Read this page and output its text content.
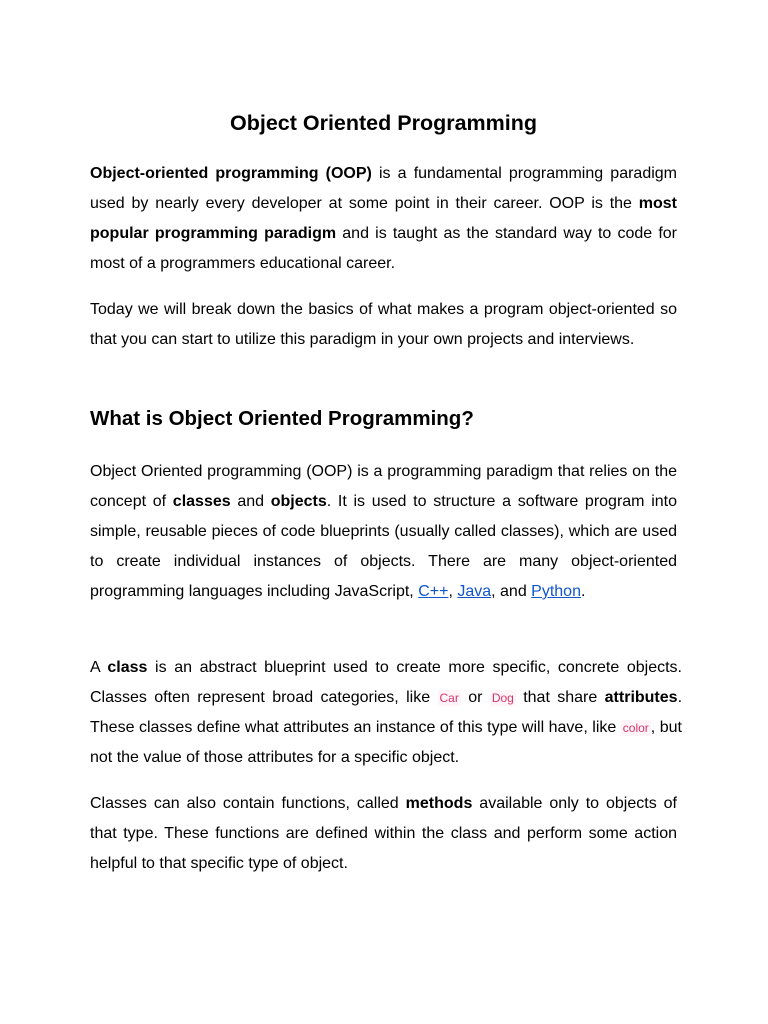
Object Oriented Programming

Object-oriented programming (OOP) is a fundamental programming paradigm used by nearly every developer at some point in their career. OOP is the most popular programming paradigm and is taught as the standard way to code for most of a programmers educational career.

Today we will break down the basics of what makes a program object-oriented so that you can start to utilize this paradigm in your own projects and interviews.

What is Object Oriented Programming?

Object Oriented programming (OOP) is a programming paradigm that relies on the concept of classes and objects. It is used to structure a software program into simple, reusable pieces of code blueprints (usually called classes), which are used to create individual instances of objects. There are many object-oriented programming languages including JavaScript, C++, Java, and Python.

A class is an abstract blueprint used to create more specific, concrete objects. Classes often represent broad categories, like Car or Dog that share attributes. These classes define what attributes an instance of this type will have, like color , but not the value of those attributes for a specific object.

Classes can also contain functions, called methods available only to objects of that type. These functions are defined within the class and perform some action helpful to that specific type of object.
